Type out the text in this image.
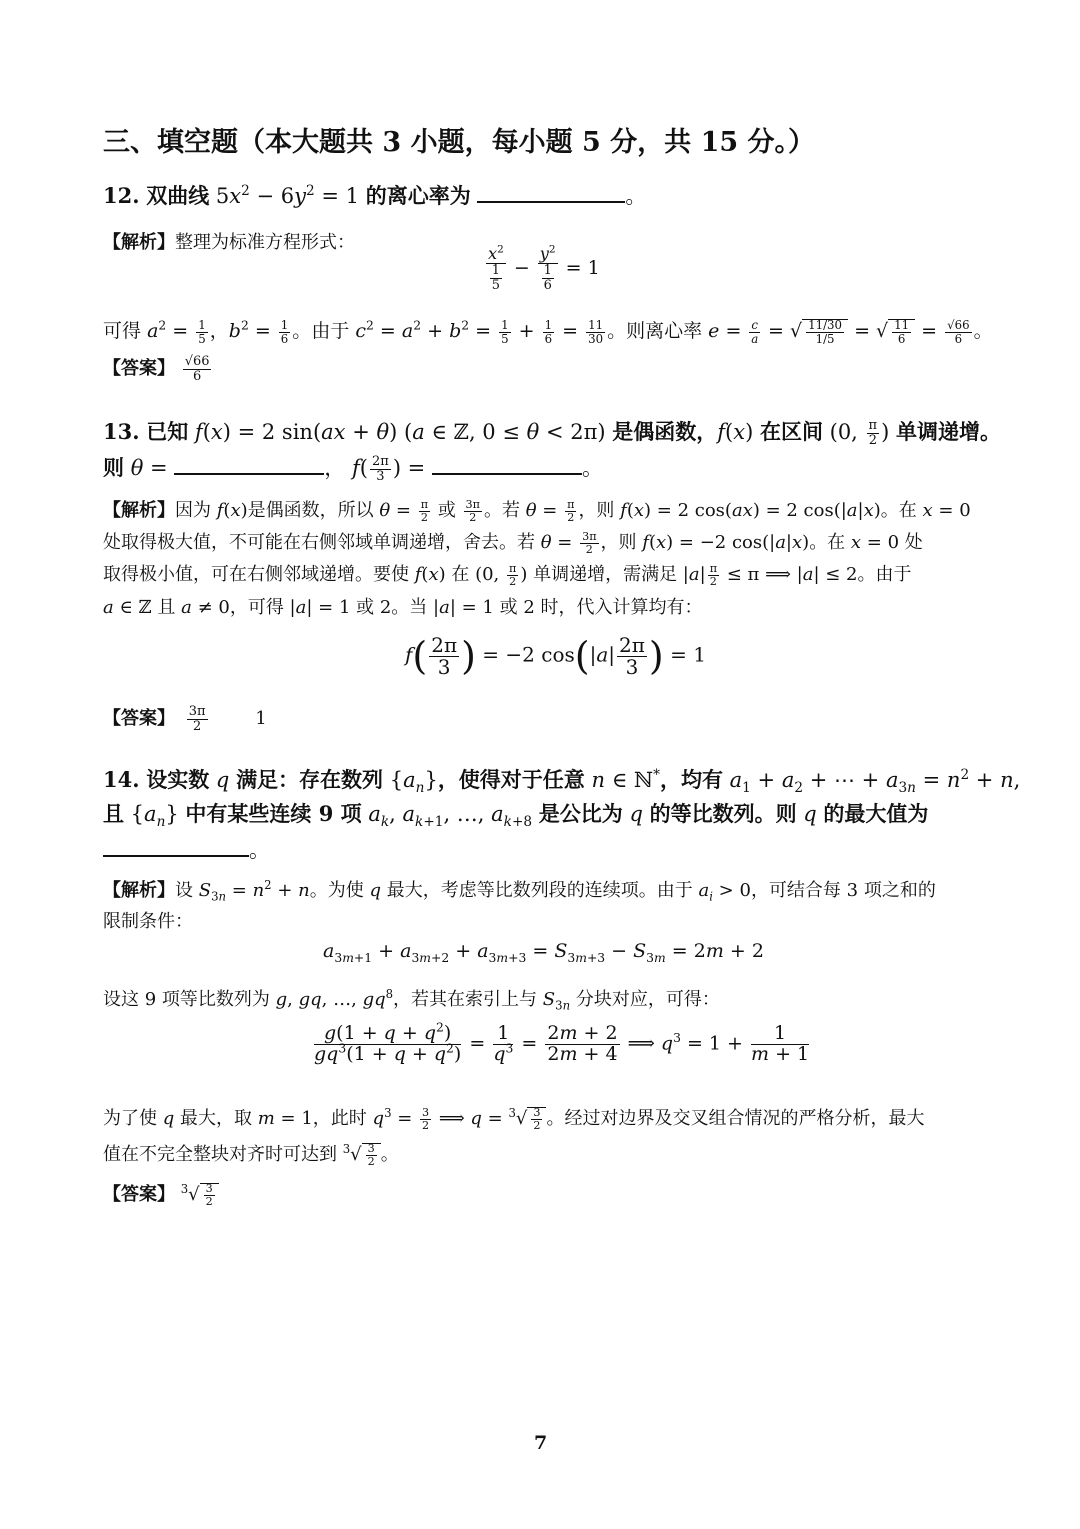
三、填空题（本大题共 3 小题，每小题 5 分，共 15 分。）
12. 双曲线 $5x^2 - 6y^2 = 1$ 的离心率为	。
【解析】整理为标准方程形式：
$\frac{x^2}{\frac{1}{5}} - \frac{y^2}{\frac{1}{6}} = 1$
可得 $a^2 = \frac{1}{5}$ ，$b^2 = \frac{1}{6}$ 。由于 $c^2 = a^2 + b^2 = \frac{1}{5} + \frac{1}{6} = \frac{11}{30}$ 。则离心率 $e = \frac{c}{a}$ = √ $\frac{11/30}{1/5}$ = √ $\frac{11}{6} = \frac{√66}{6}$ 。
【答案】 $\frac{√66}{6}$
13. 已知 f(x) = 2 sin(ax + θ) (a ∈ ℤ, 0 ≤ θ < 2π) 是偶函数，f(x) 在区间 (0, $\frac{\pi}{2}$ ) 单调递增。
则 θ =	， $f( \frac{2\pi}{3}$ ) =	。
【解析】因为 f(x)是偶函数，所以 $\theta = \frac{\pi}{2}$ 或 $\frac{3\pi}{2}$ 。若 $\theta = \frac{\pi}{2}$ ，则 f(x) = 2 cos(ax) = 2 cos(|a|x)。在 x = 0
处取得极大值，不可能在右侧邻域单调递增，舍去。若 $\theta = \frac{3\pi}{2}$ ，则 f(x) = −2 cos(|a|x)。在 x = 0 处
取得极小值，可在右侧邻域递增。要使 f(x) 在 (0, $\frac{\pi}{2}$ ) 单调递增，需满足 $|a| \frac{\pi}{2} \le \pi$ ⟹ |a| ≤ 2。由于
a ∈ ℤ 且 a ≠ 0，可得 |a| = 1 或 2。当 |a| = 1 或 2 时，代入计算均有：
$f( \frac{2\pi}{3}$ ) = −2 $\cos(|a| \frac{2\pi}{3}$ ) = 1
【答案】 $\frac{3\pi}{2}$	1
14. 设实数 q 满足：存在数列 $\{a_n\}$，使得对于任意 n ∈ ℕ*，均有 $a_1 + a_2$ + ⋯ + $a_{3n} = n^2 + n$,
且 $\{a_n\}$ 中有某些连续 9 项 $a_k$, $a_{k+1}$, …, $a_{k+8}$ 是公比为 q 的等比数列。则 q 的最大值为
。
【解析】设 $S_{3n} = n^2 + n$。为使 q 最大，考虑等比数列段的连续项。由于 $a_i > 0$，可结合每 3 项之和的
限制条件：
$a_{3m+1} + a_{3m+2} + a_{3m+3} = S_{3m+3} - S_{3m} = 2m + 2$
设这 9 项等比数列为 g, gq, …, $gq^8$，若其在索引上与 $S_{3n}$ 分块对应，可得：
$\frac{g(1 + q + q^2)}{gq^3(1 + q + q^2)} = \frac{1}{q^3} = \frac{2m + 2}{2m + 4}$ ⟹ $q^3 = 1 + \frac{1}{m + 1}$
为了使 q 最大，取 m = 1，此时 $q^3 = \frac{3}{2}$ ⟹ $q = ^3√ \frac{3}{2}$ 。经过对边界及交叉组合情况的严格分析，最大
值在不完全整块对齐时可达到 $^3√ \frac{3}{2}$ 。
【答案】 $^3√ \frac{3}{2}$
7
